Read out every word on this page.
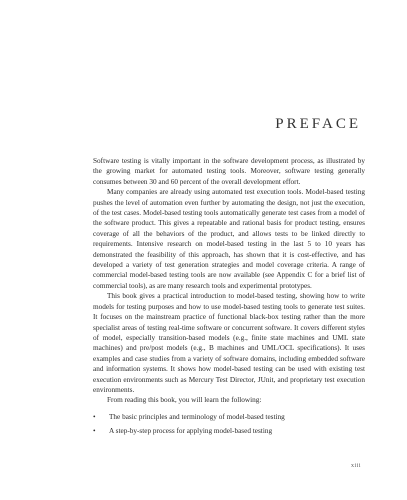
PREFACE

Software testing is vitally important in the software development process, as illustrated by the growing market for automated testing tools. Moreover, software testing generally consumes between 30 and 60 percent of the overall development effort.

Many companies are already using automated test execution tools. Model-based testing pushes the level of automation even further by automating the design, not just the execution, of the test cases. Model-based testing tools automatically generate test cases from a model of the software product. This gives a repeatable and rational basis for product testing, ensures coverage of all the behaviors of the product, and allows tests to be linked directly to requirements. Intensive research on model-based testing in the last 5 to 10 years has demonstrated the feasibility of this approach, has shown that it is cost-effective, and has developed a variety of test generation strategies and model coverage criteria. A range of commercial model-based testing tools are now available (see Appendix C for a brief list of commercial tools), as are many research tools and experimental prototypes.

This book gives a practical introduction to model-based testing, showing how to write models for testing purposes and how to use model-based testing tools to generate test suites. It focuses on the mainstream practice of functional black-box testing rather than the more specialist areas of testing real-time software or concurrent software. It covers different styles of model, especially transition-based models (e.g., finite state machines and UML state machines) and pre/post models (e.g., B machines and UML/OCL specifications). It uses examples and case studies from a variety of software domains, including embedded software and information systems. It shows how model-based testing can be used with existing test execution environments such as Mercury Test Director, JUnit, and proprietary test execution environments.

From reading this book, you will learn the following:

• The basic principles and terminology of model-based testing
• A step-by-step process for applying model-based testing
xiii
